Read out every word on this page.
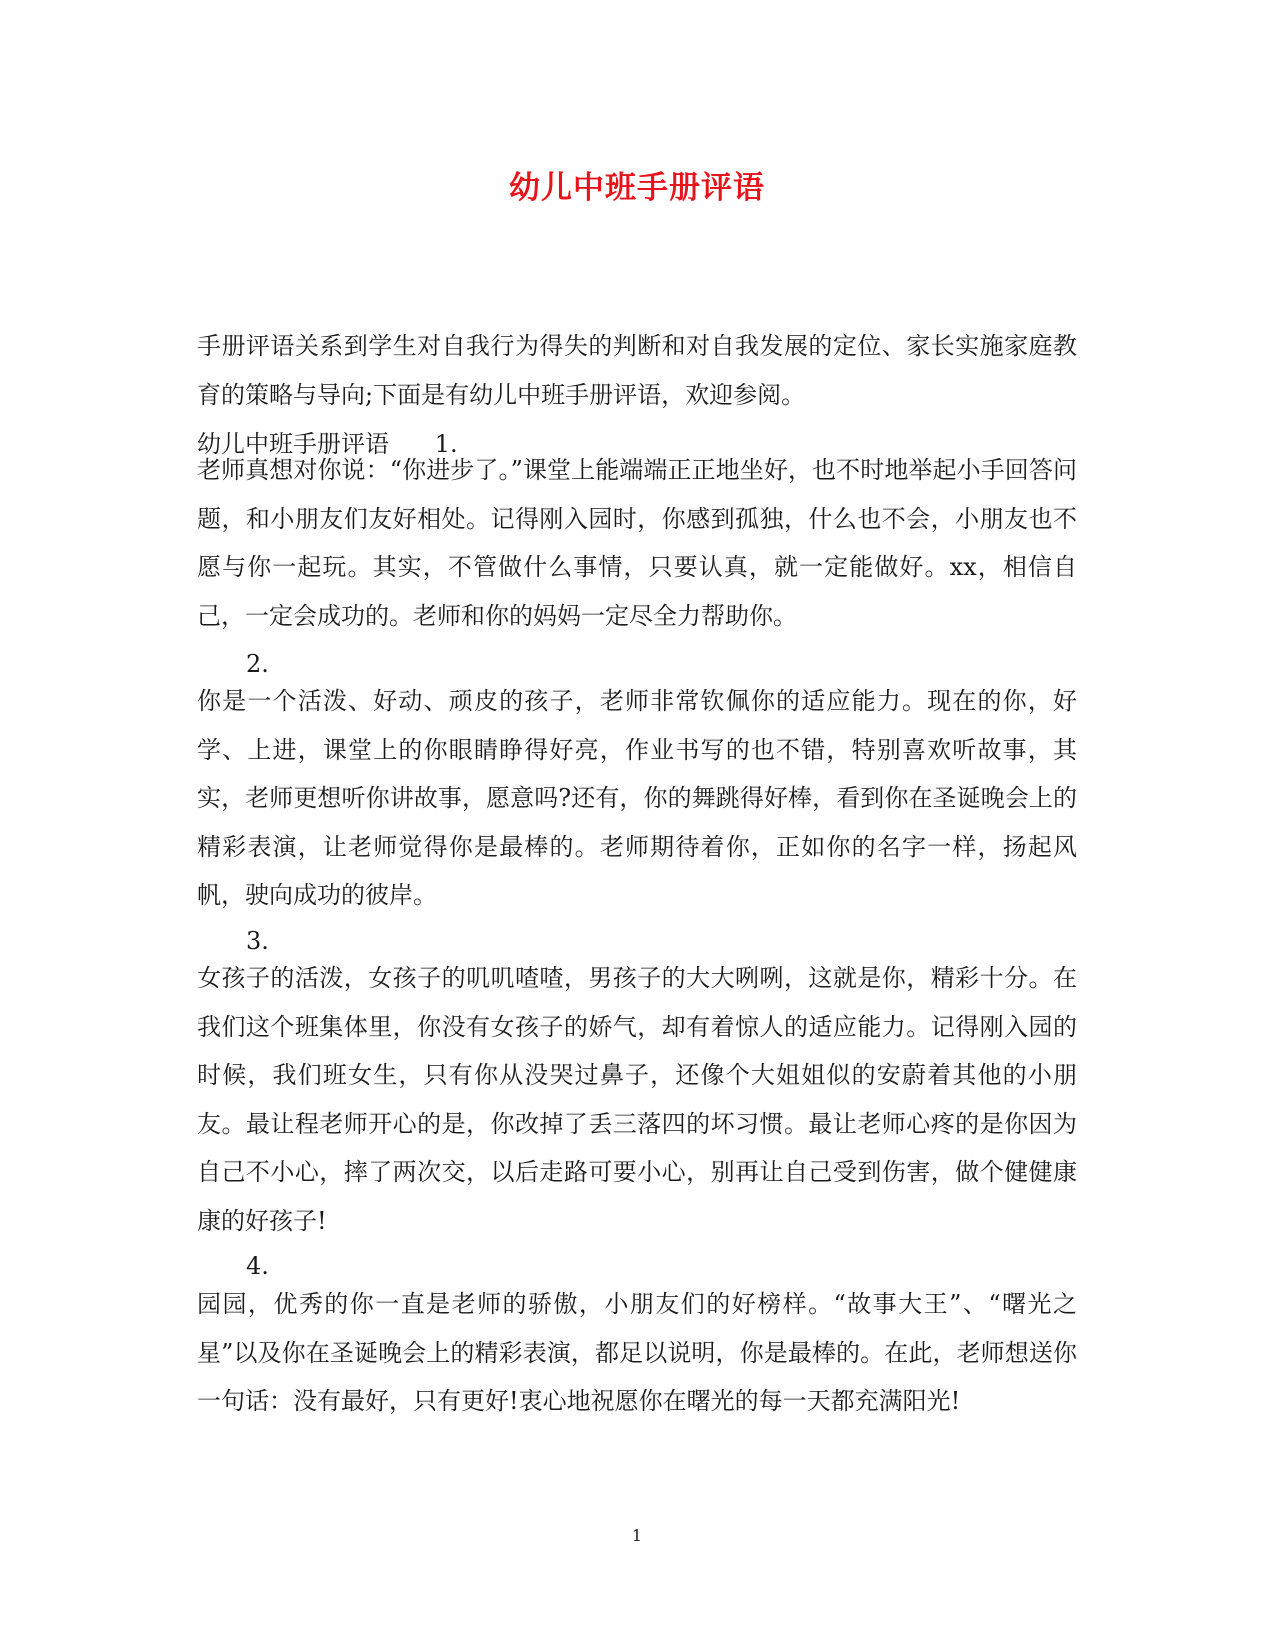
幼儿中班手册评语

手册评语关系到学生对自我行为得失的判断和对自我发展的定位、家长实施家庭教育的策略与导向;下面是有幼儿中班手册评语，欢迎参阅。

幼儿中班手册评语 1.

老师真想对你说：“你进步了。”课堂上能端端正正地坐好，也不时地举起小手回答问题，和小朋友们友好相处。记得刚入园时，你感到孤独，什么也不会，小朋友也不愿与你一起玩。其实，不管做什么事情，只要认真，就一定能做好。xx，相信自己，一定会成功的。老师和你的妈妈一定尽全力帮助你。

2.

你是一个活泼、好动、顽皮的孩子，老师非常钦佩你的适应能力。现在的你，好学、上进，课堂上的你眼睛睁得好亮，作业书写的也不错，特别喜欢听故事，其实，老师更想听你讲故事，愿意吗?还有，你的舞跳得好棒，看到你在圣诞晚会上的精彩表演，让老师觉得你是最棒的。老师期待着你，正如你的名字一样，扬起风帆，驶向成功的彼岸。

3.

女孩子的活泼，女孩子的叽叽喳喳，男孩子的大大咧咧，这就是你，精彩十分。在我们这个班集体里，你没有女孩子的娇气，却有着惊人的适应能力。记得刚入园的时候，我们班女生，只有你从没哭过鼻子，还像个大姐姐似的安蔚着其他的小朋友。最让程老师开心的是，你改掉了丢三落四的坏习惯。最让老师心疼的是你因为自己不小心，摔了两次交，以后走路可要小心，别再让自己受到伤害，做个健健康康的好孩子!

4.

园园，优秀的你一直是老师的骄傲，小朋友们的好榜样。“故事大王”、“曙光之星”以及你在圣诞晚会上的精彩表演，都足以说明，你是最棒的。在此，老师想送你一句话：没有最好，只有更好!衷心地祝愿你在曙光的每一天都充满阳光!

1
